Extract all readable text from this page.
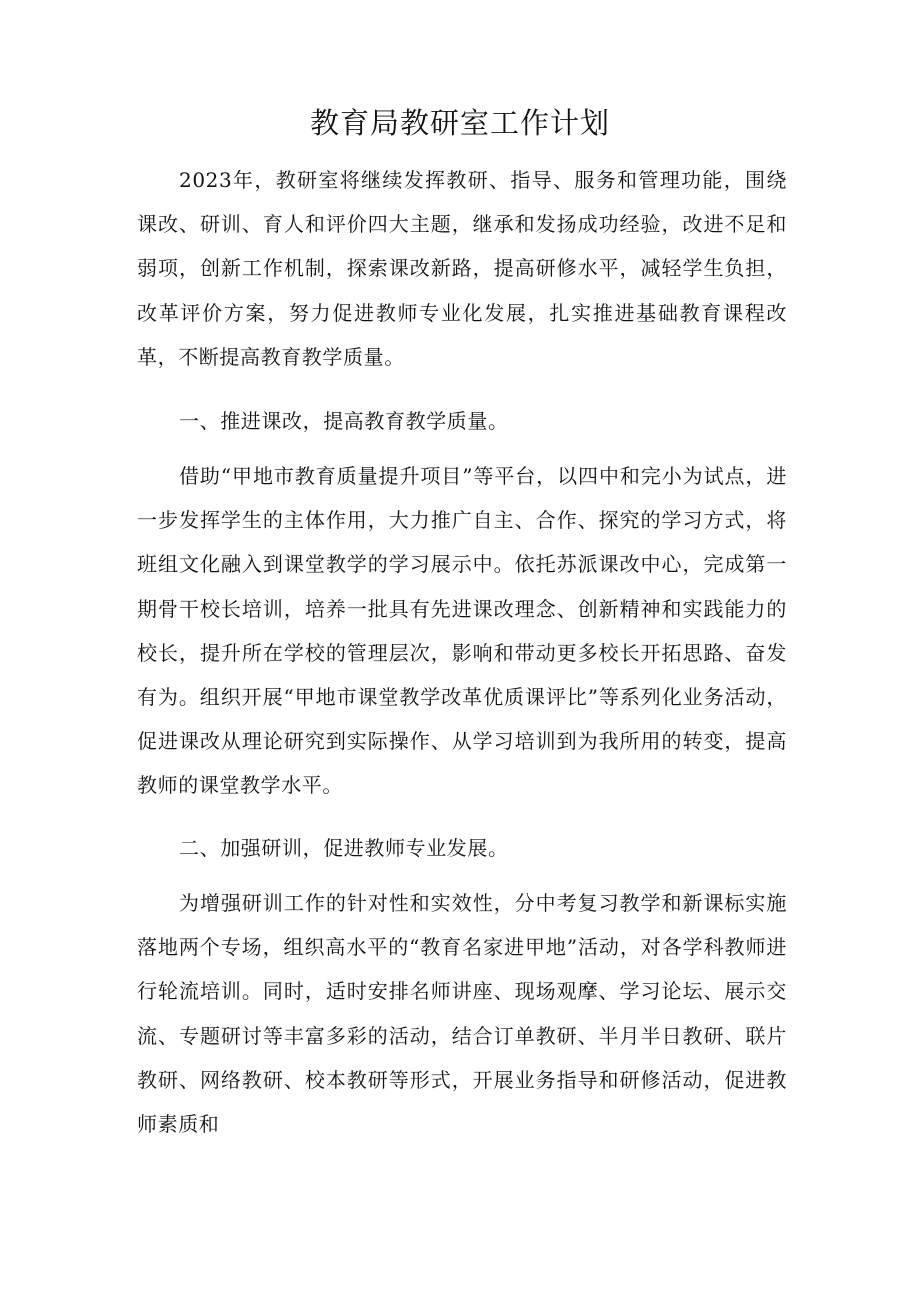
教育局教研室工作计划

2023年，教研室将继续发挥教研、指导、服务和管理功能，围绕课改、研训、育人和评价四大主题，继承和发扬成功经验，改进不足和弱项，创新工作机制，探索课改新路，提高研修水平，减轻学生负担，改革评价方案，努力促进教师专业化发展，扎实推进基础教育课程改革，不断提高教育教学质量。

一、推进课改，提高教育教学质量。

借助“甲地市教育质量提升项目”等平台，以四中和完小为试点，进一步发挥学生的主体作用，大力推广自主、合作、探究的学习方式，将班组文化融入到课堂教学的学习展示中。依托苏派课改中心，完成第一期骨干校长培训，培养一批具有先进课改理念、创新精神和实践能力的校长，提升所在学校的管理层次，影响和带动更多校长开拓思路、奋发有为。组织开展“甲地市课堂教学改革优质课评比”等系列化业务活动，促进课改从理论研究到实际操作、从学习培训到为我所用的转变，提高教师的课堂教学水平。

二、加强研训，促进教师专业发展。

为增强研训工作的针对性和实效性，分中考复习教学和新课标实施落地两个专场，组织高水平的“教育名家进甲地”活动，对各学科教师进行轮流培训。同时，适时安排名师讲座、现场观摩、学习论坛、展示交流、专题研讨等丰富多彩的活动，结合订单教研、半月半日教研、联片教研、网络教研、校本教研等形式，开展业务指导和研修活动，促进教师素质和
